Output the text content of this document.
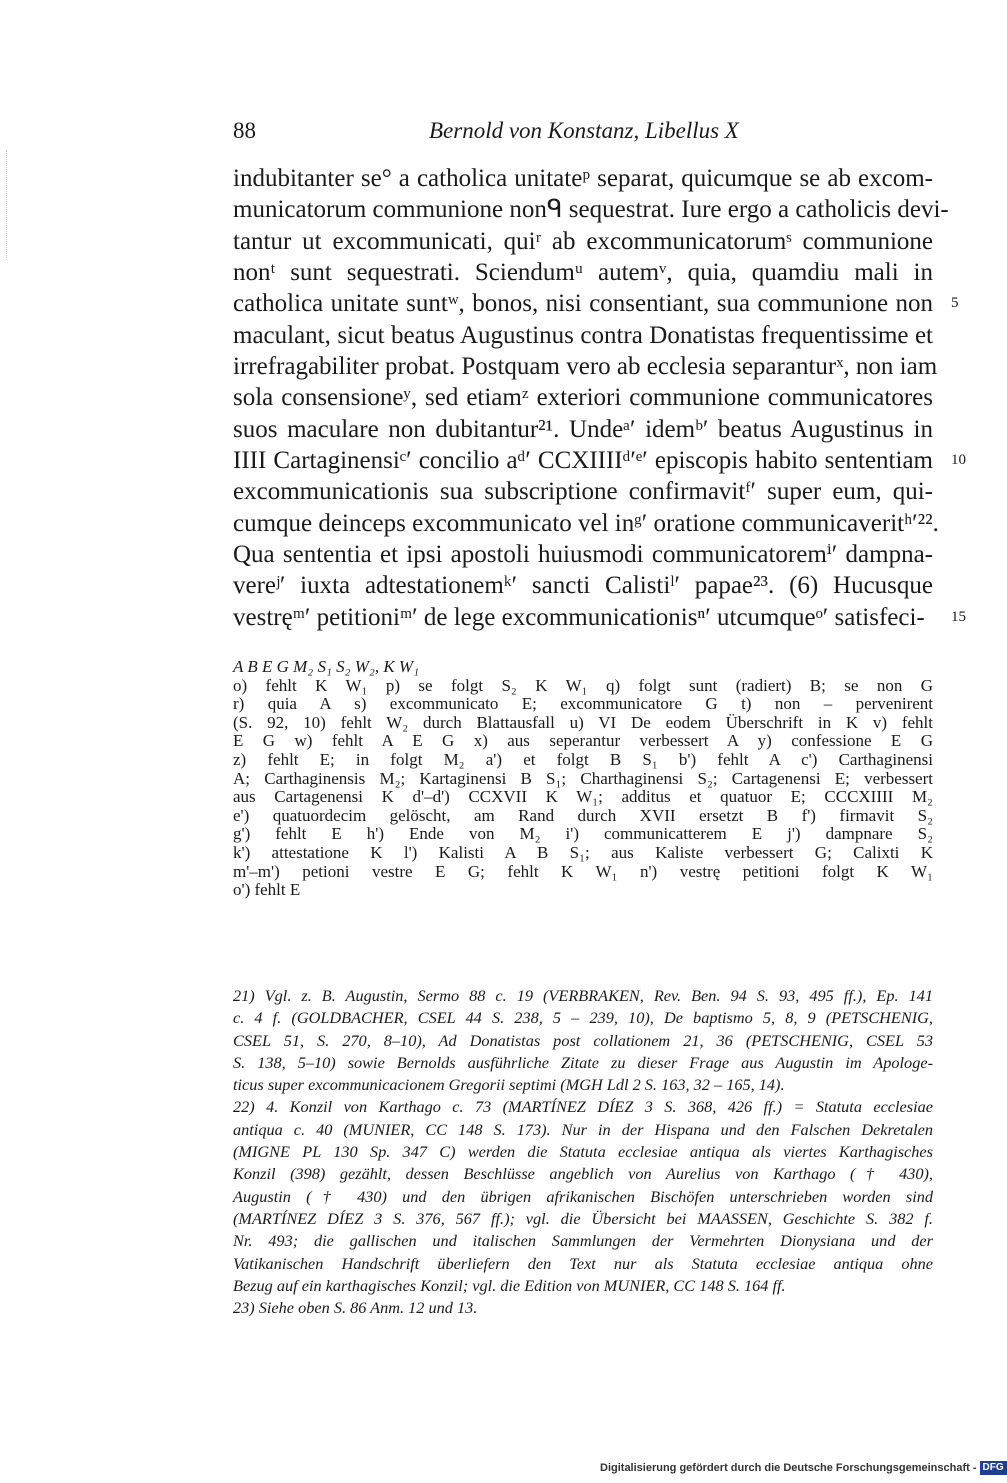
88	Bernold von Konstanz, Libellus X
indubitanter se° a catholica unitateᵖ separat, quicumque se ab excom-
municatorum communione nonᑫ sequestrat. Iure ergo a catholicis devi-
tantur ut excommunicati, quiʳ ab excommunicatorumˢ communione
nonᵗ sunt sequestrati. Sciendumᵘ autemᵛ, quia, quamdiu mali in
catholica unitate suntʷ, bonos, nisi consentiant, sua communione non 5
maculant, sicut beatus Augustinus contra Donatistas frequentissime et
irrefragabiliter probat. Postquam vero ab ecclesia separanturˣ, non iam
sola consensioneʸ, sed etiamᶻ exteriori communione communicatores
suos maculare non dubitantur²¹. Undeᵃʹ idemᵇʹ beatus Augustinus in
IIII Cartaginensiᶜʹ concilio aᵈʹ CCXIIIIᵈʹᵉʹ episcopis habito sententiam 10
excommunicationis sua subscriptione confirmavitᶠʹ super eum, qui-
cumque deinceps excommunicato vel inᵍʹ oratione communicaveritʰʹ²².
Qua sententia et ipsi apostoli huiusmodi communicatoremⁱʹ dampna-
vereʲʹ iuxta adtestationemᵏʹ sancti Calistiˡʹ papae²³. (6) Hucusque
vestręᵐʹ petitioniᵐʹ de lege excommunicationisⁿʹ utcumqueᵒʹ satisfeci- 15
A B E G M₂ S₁ S₂ W₂, K W₁
o) fehlt K W₁ p) se folgt S₂ K W₁ q) folgt sunt (radiert) B; se non G
r) quia A s) excommunicato E; excommunicatore G t) non – pervenirent
(S. 92, 10) fehlt W₂ durch Blattausfall u) VI De eodem Überschrift in K v) fehlt
E G w) fehlt A E G x) aus seperantur verbessert A y) confessione E G
z) fehlt E; in folgt M₂ a') et folgt B S₁ b') fehlt A c') Carthaginensi
A; Carthaginensis M₂; Kartaginensi B S₁; Charthaginensi S₂; Cartagenensi E; verbessert
aus Cartagenensi K d'–d') CCXVII K W₁; additus et quatuor E; CCCXIIII M₂
e') quatuordecim gelöscht, am Rand durch XVII ersetzt B f') firmavit S₂
g') fehlt E h') Ende von M₂ i') communicatterem E j') dampnare S₂
k') attestatione K l') Kalisti A B S₁; aus Kaliste verbessert G; Calixti K
m'–m') petioni vestre E G; fehlt K W₁ n') vestrę petitioni folgt K W₁
o') fehlt E
21) Vgl. z. B. Augustin, Sermo 88 c. 19 (VERBRAKEN, Rev. Ben. 94 S. 93, 495 ff.), Ep. 141
c. 4 f. (GOLDBACHER, CSEL 44 S. 238, 5 – 239, 10), De baptismo 5, 8, 9 (PETSCHENIG,
CSEL 51, S. 270, 8–10), Ad Donatistas post collationem 21, 36 (PETSCHENIG, CSEL 53
S. 138, 5–10) sowie Bernolds ausführliche Zitate zu dieser Frage aus Augustin im Apologe-
ticus super excommunicacionem Gregorii septimi (MGH Ldl 2 S. 163, 32 – 165, 14).
22) 4. Konzil von Karthago c. 73 (MARTÍNEZ DÍEZ 3 S. 368, 426 ff.) = Statuta ecclesiae
antiqua c. 40 (MUNIER, CC 148 S. 173). Nur in der Hispana und den Falschen Dekretalen
(MIGNE PL 130 Sp. 347 C) werden die Statuta ecclesiae antiqua als viertes Karthagisches
Konzil (398) gezählt, dessen Beschlüsse angeblich von Aurelius von Karthago († 430),
Augustin († 430) und den übrigen afrikanischen Bischöfen unterschrieben worden sind
(MARTÍNEZ DÍEZ 3 S. 376, 567 ff.); vgl. die Übersicht bei MAASSEN, Geschichte S. 382 f.
Nr. 493; die gallischen und italischen Sammlungen der Vermehrten Dionysiana und der
Vatikanischen Handschrift überliefern den Text nur als Statuta ecclesiae antiqua ohne
Bezug auf ein karthagisches Konzil; vgl. die Edition von MUNIER, CC 148 S. 164 ff.
23) Siehe oben S. 86 Anm. 12 und 13.
Digitalisierung gefördert durch die Deutsche Forschungsgemeinschaft - DFG
